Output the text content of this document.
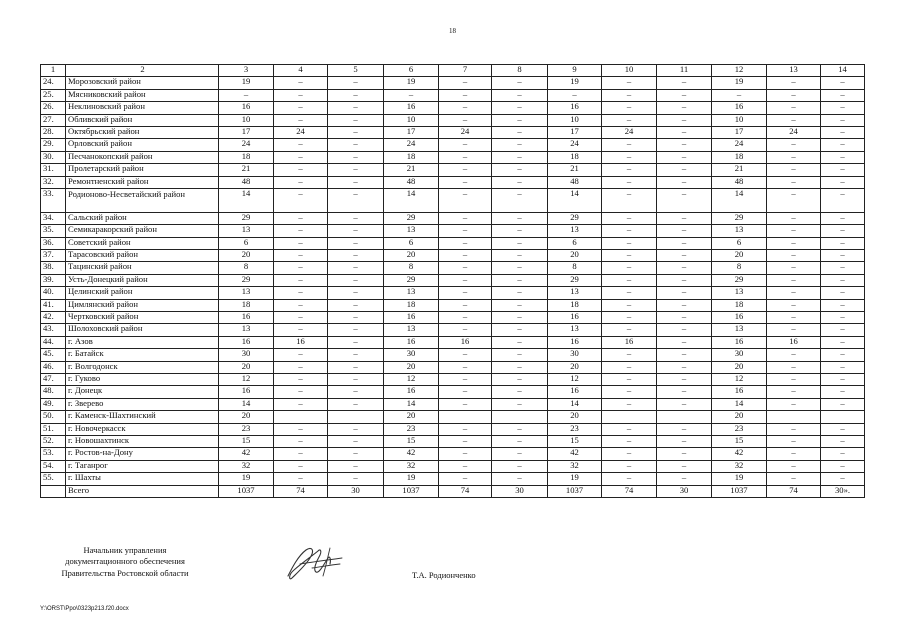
18
1	2	3	4	5	6	7	8	9	10	11	12	13	14
24.	Морозовский район	19	–	–	19	–	–	19	–	–	19	–	–
25.	Мясниковский район	–	–	–	–	–	–	–	–	–	–	–	–
26.	Неклиновский район	16	–	–	16	–	–	16	–	–	16	–	–
27.	Обливский район	10	–	–	10	–	–	10	–	–	10	–	–
28.	Октябрьский район	17	24	–	17	24	–	17	24	–	17	24	–
29.	Орловский район	24	–	–	24	–	–	24	–	–	24	–	–
30.	Песчанокопский район	18	–	–	18	–	–	18	–	–	18	–	–
31.	Пролетарский район	21	–	–	21	–	–	21	–	–	21	–	–
32.	Ремонтненский район	48	–	–	48	–	–	48	–	–	48	–	–
33.	Родионово-Несветайский район	14	–	–	14	–	–	14	–	–	14	–	–
34.	Сальский район	29	–	–	29	–	–	29	–	–	29	–	–
35.	Семикаракорский район	13	–	–	13	–	–	13	–	–	13	–	–
36.	Советский район	6	–	–	6	–	–	6	–	–	6	–	–
37.	Тарасовский район	20	–	–	20	–	–	20	–	–	20	–	–
38.	Тацинский район	8	–	–	8	–	–	8	–	–	8	–	–
39.	Усть-Донецкий район	29	–	–	29	–	–	29	–	–	29	–	–
40.	Целинский район	13	–	–	13	–	–	13	–	–	13	–	–
41.	Цимлянский район	18	–	–	18	–	–	18	–	–	18	–	–
42.	Чертковский район	16	–	–	16	–	–	16	–	–	16	–	–
43.	Шолоховский район	13	–	–	13	–	–	13	–	–	13	–	–
44.	г. Азов	16	16	–	16	16	–	16	16	–	16	16	–
45.	г. Батайск	30	–	–	30	–	–	30	–	–	30	–	–
46.	г. Волгодонск	20	–	–	20	–	–	20	–	–	20	–	–
47.	г. Гуково	12	–	–	12	–	–	12	–	–	12	–	–
48.	г. Донецк	16	–	–	16	–	–	16	–	–	16	–	–
49.	г. Зверево	14	–	–	14	–	–	14	–	–	14	–	–
50.	г. Каменск-Шахтинский	20			20			20			20		
51.	г. Новочеркасск	23	–	–	23	–	–	23	–	–	23	–	–
52.	г. Новошахтинск	15	–	–	15	–	–	15	–	–	15	–	–
53.	г. Ростов-на-Дону	42	–	–	42	–	–	42	–	–	42	–	–
54.	г. Таганрог	32	–	–	32	–	–	32	–	–	32	–	–
55.	г. Шахты	19	–	–	19	–	–	19	–	–	19	–	–
	Всего	1037	74	30	1037	74	30	1037	74	30	1037	74	30».
Начальник управления
документационного обеспечения
Правительства Ростовской области	Т.А. Родионченко
Y:\ORST\Ppo\0323p213.f20.docx
